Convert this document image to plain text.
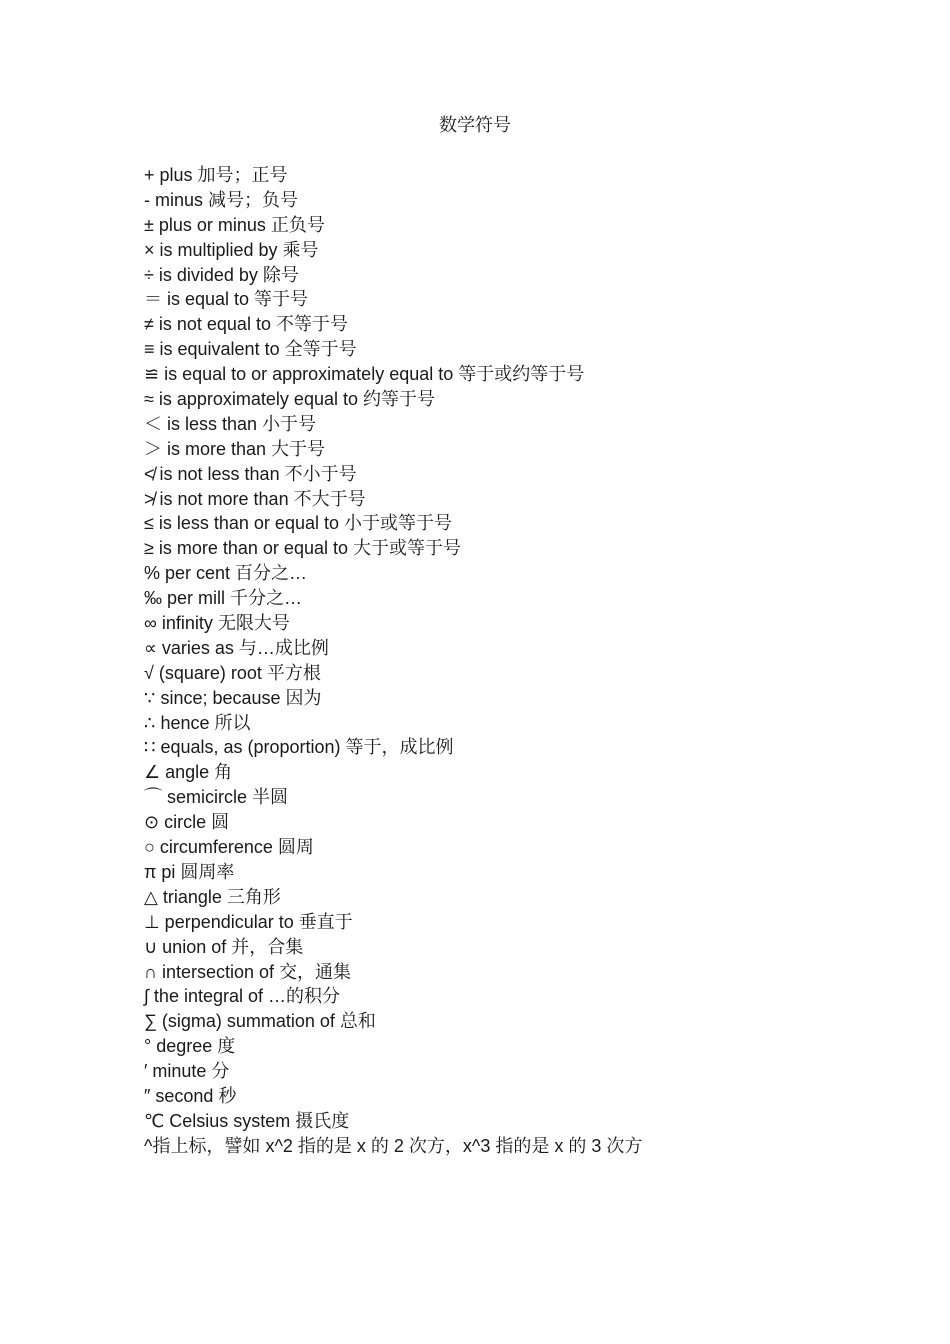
数学符号
+ plus 加号；正号
- minus 减号；负号
± plus or minus 正负号
× is multiplied by 乘号
÷ is divided by 除号
＝ is equal to 等于号
≠ is not equal to 不等于号
≡ is equivalent to 全等于号
≌ is equal to or approximately equal to 等于或约等于号
≈ is approximately equal to 约等于号
＜ is less than 小于号
＞ is more than 大于号
≮ is not less than 不小于号
≯ is not more than 不大于号
≤ is less than or equal to 小于或等于号
≥ is more than or equal to 大于或等于号
% per cent 百分之…
‰ per mill 千分之…
∞ infinity 无限大号
∝ varies as 与…成比例
√ (square) root 平方根
∵ since; because 因为
∴ hence 所以
∷ equals, as (proportion) 等于，成比例
∠ angle 角
⌒ semicircle 半圆
⊙ circle 圆
○ circumference 圆周
π pi 圆周率
△ triangle 三角形
⊥ perpendicular to 垂直于
∪ union of 并，合集
∩ intersection of 交，通集
∫ the integral of …的积分
∑ (sigma) summation of 总和
° degree 度
′ minute 分
″ second 秒
℃ Celsius system 摄氏度
^指上标，譬如 x^2 指的是 x 的 2 次方，x^3 指的是 x 的 3 次方
